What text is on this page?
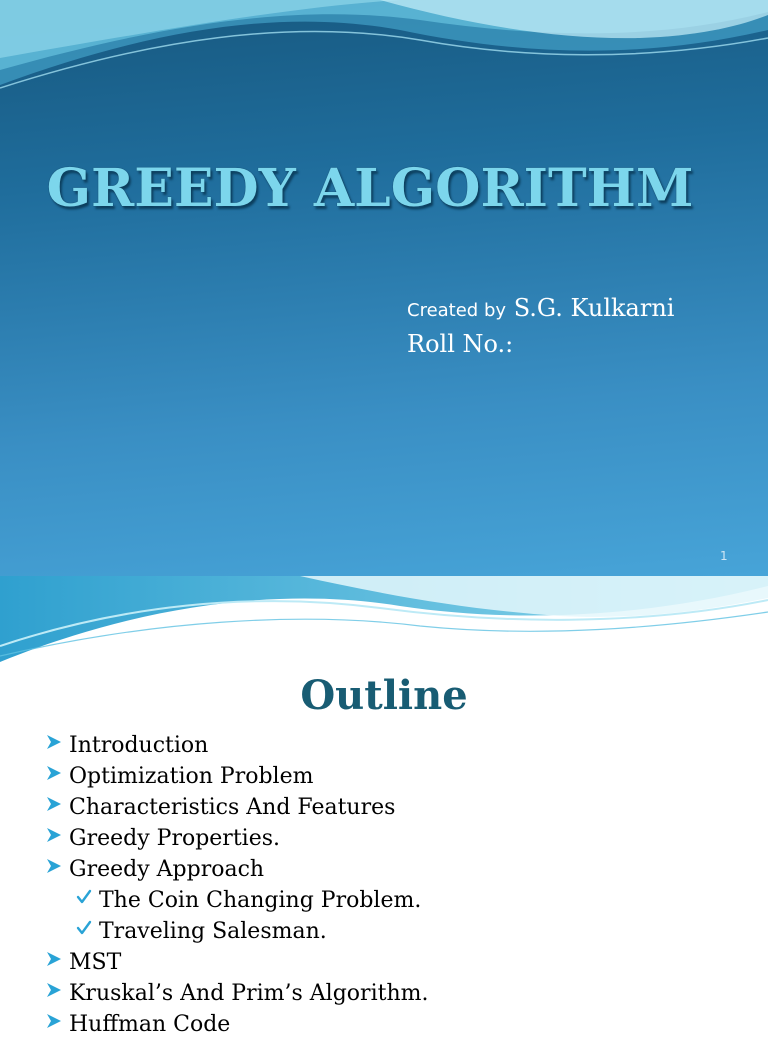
GREEDY ALGORITHM
Created by S.G. Kulkarni
Roll No.:
1
Outline
Introduction
Optimization Problem
Characteristics And Features
Greedy Properties.
Greedy Approach
The Coin Changing Problem.
Traveling Salesman.
MST
Kruskal’s And Prim’s Algorithm.
Huffman Code
